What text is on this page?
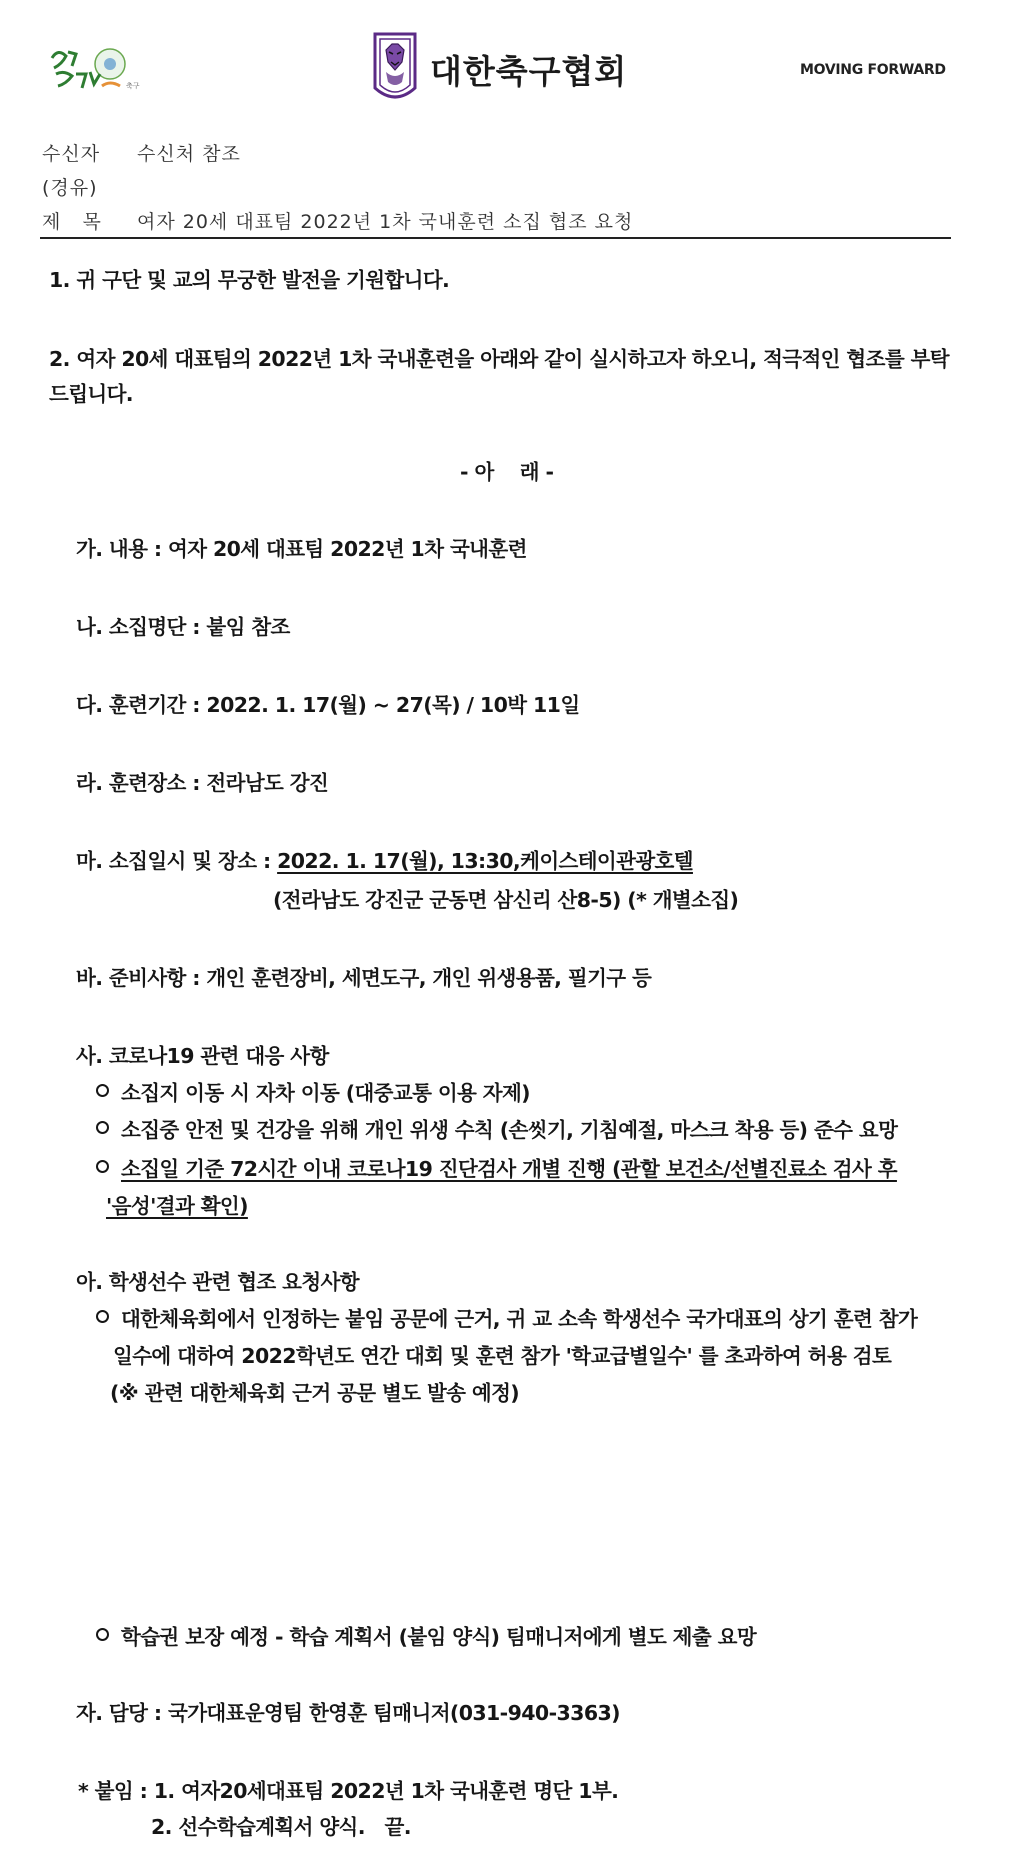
축구	대한축구협회	MOVING FORWARD
수신자 수신처 참조
(경유)
제   목 여자 20세 대표팀 2022년 1차 국내훈련 소집 협조 요청
1. 귀 구단 및 교의 무궁한 발전을 기원합니다.
2. 여자 20세 대표팀의 2022년 1차 국내훈련을 아래와 같이 실시하고자 하오니, 적극적인 협조를 부탁
드립니다.
- 아    래 -
가. 내용 : 여자 20세 대표팀 2022년 1차 국내훈련
나. 소집명단 : 붙임 참조
다. 훈련기간 : 2022. 1. 17(월) ~ 27(목) / 10박 11일
라. 훈련장소 : 전라남도 강진
마. 소집일시 및 장소 : 2022. 1. 17(월), 13:30,케이스테이관광호텔
(전라남도 강진군 군동면 삼신리 산8-5) (* 개별소집)
바. 준비사항 : 개인 훈련장비, 세면도구, 개인 위생용품, 필기구 등
사. 코로나19 관련 대응 사항
소집지 이동 시 자차 이동 (대중교통 이용 자제)
소집중 안전 및 건강을 위해 개인 위생 수칙 (손씻기, 기침예절, 마스크 착용 등) 준수 요망
소집일 기준 72시간 이내 코로나19 진단검사 개별 진행 (관할 보건소/선별진료소 검사 후
'음성'결과 확인)
아. 학생선수 관련 협조 요청사항
대한체육회에서 인정하는 붙임 공문에 근거, 귀 교 소속 학생선수 국가대표의 상기 훈련 참가
일수에 대하여 2022학년도 연간 대회 및 훈련 참가 '학교급별일수' 를 초과하여 허용 검토
(※ 관련 대한체육회 근거 공문 별도 발송 예정)
학습권 보장 예정 - 학습 계획서 (붙임 양식) 팀매니저에게 별도 제출 요망
자. 담당 : 국가대표운영팀 한영훈 팀매니저(031-940-3363)
* 붙임 : 1. 여자20세대표팀 2022년 1차 국내훈련 명단 1부.
2. 선수학습계획서 양식.   끝.
